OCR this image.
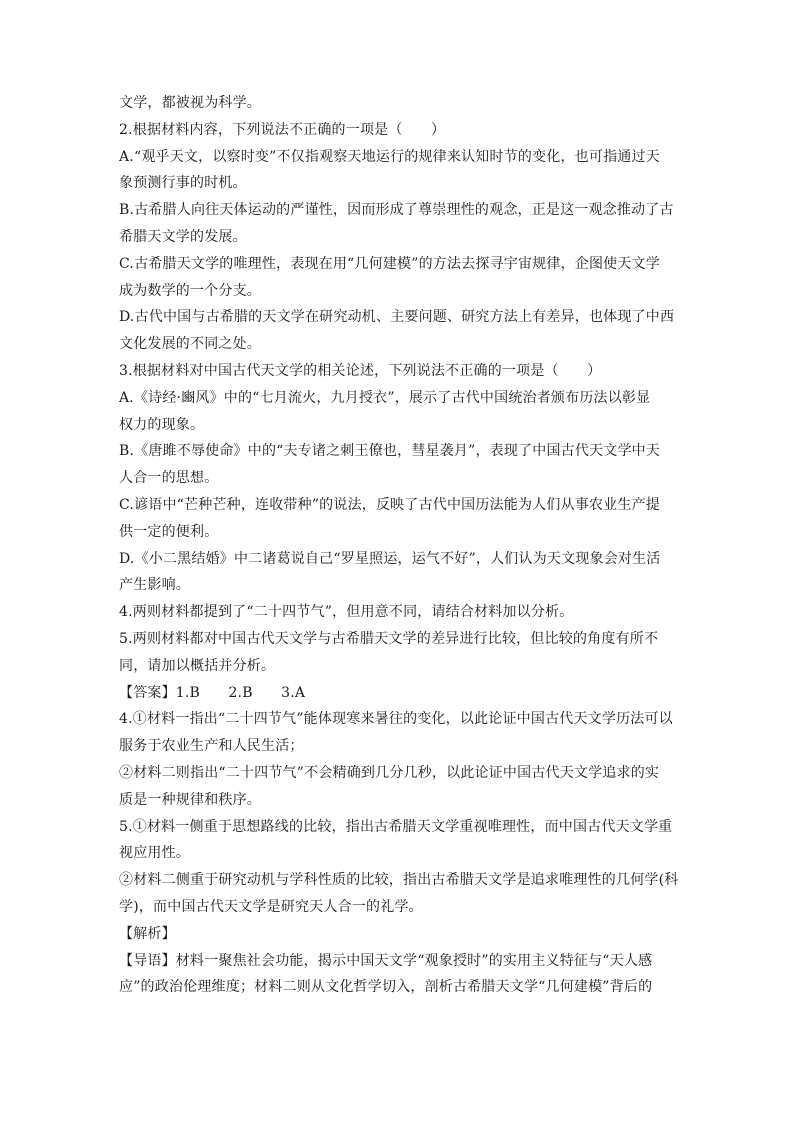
文学，都被视为科学。
2.根据材料内容，下列说法不正确的一项是（　　）
A.“观乎天文，以察时变”不仅指观察天地运行的规律来认知时节的变化，也可指通过天
象预测行事的时机。
B.古希腊人向往天体运动的严谨性，因而形成了尊崇理性的观念，正是这一观念推动了古
希腊天文学的发展。
C.古希腊天文学的唯理性，表现在用“几何建模”的方法去探寻宇宙规律，企图使天文学
成为数学的一个分支。
D.古代中国与古希腊的天文学在研究动机、主要问题、研究方法上有差异，也体现了中西
文化发展的不同之处。
3.根据材料对中国古代天文学的相关论述，下列说法不正确的一项是（　　）
A.《诗经·豳风》中的“七月流火，九月授衣”，展示了古代中国统治者颁布历法以彰显
权力的现象。
B.《唐雎不辱使命》中的“夫专诸之刺王僚也，彗星袭月”，表现了中国古代天文学中天
人合一的思想。
C.谚语中“芒种芒种，连收带种”的说法，反映了古代中国历法能为人们从事农业生产提
供一定的便利。
D.《小二黑结婚》中二诸葛说自己“罗星照运，运气不好”，人们认为天文现象会对生活
产生影响。
4.两则材料都提到了“二十四节气”，但用意不同，请结合材料加以分析。
5.两则材料都对中国古代天文学与古希腊天文学的差异进行比较，但比较的角度有所不
同，请加以概括并分析。
【答案】1.B　　2.B　　3.A
4.①材料一指出“二十四节气”能体现寒来暑往的变化，以此论证中国古代天文学历法可以
服务于农业生产和人民生活；
②材料二则指出“二十四节气”不会精确到几分几秒，以此论证中国古代天文学追求的实
质是一种规律和秩序。
5.①材料一侧重于思想路线的比较，指出古希腊天文学重视唯理性，而中国古代天文学重
视应用性。
②材料二侧重于研究动机与学科性质的比较，指出古希腊天文学是追求唯理性的几何学(科
学)，而中国古代天文学是研究天人合一的礼学。
【解析】
【导语】材料一聚焦社会功能，揭示中国天文学“观象授时”的实用主义特征与“天人感
应”的政治伦理维度；材料二则从文化哲学切入，剖析古希腊天文学“几何建模”背后的
